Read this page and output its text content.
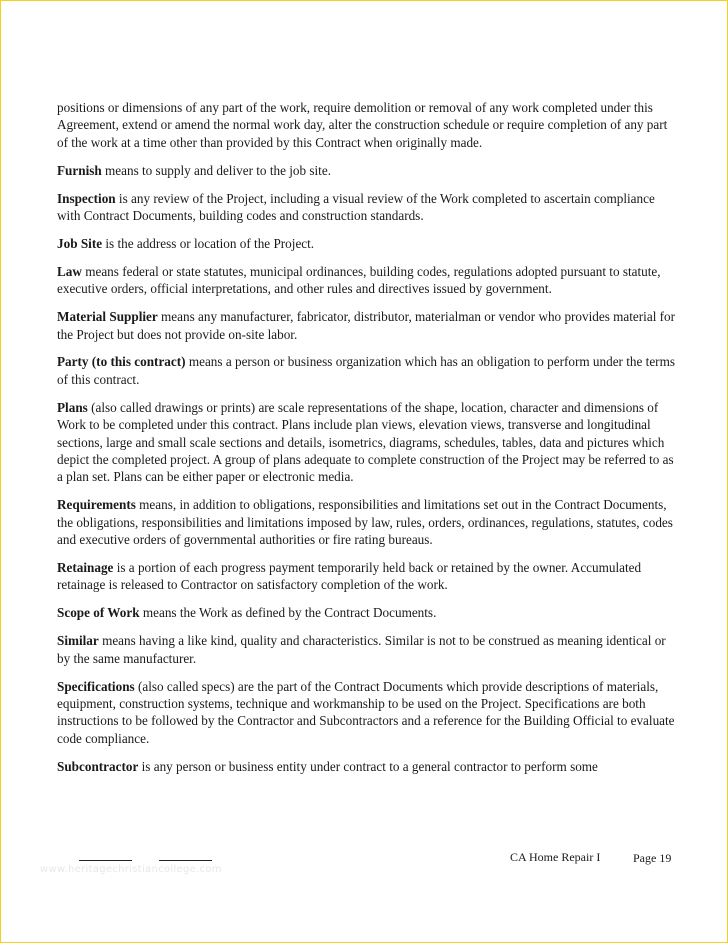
positions or dimensions of any part of the work, require demolition or removal of any work completed under this Agreement, extend or amend the normal work day, alter the construction schedule or require completion of any part of the work at a time other than provided by this Contract when originally made.

Furnish means to supply and deliver to the job site.

Inspection is any review of the Project, including a visual review of the Work completed to ascertain compliance with Contract Documents, building codes and construction standards.

Job Site is the address or location of the Project.

Law means federal or state statutes, municipal ordinances, building codes, regulations adopted pursuant to statute, executive orders, official interpretations, and other rules and directives issued by government.

Material Supplier means any manufacturer, fabricator, distributor, materialman or vendor who provides material for the Project but does not provide on-site labor.

Party (to this contract) means a person or business organization which has an obligation to perform under the terms of this contract.

Plans (also called drawings or prints) are scale representations of the shape, location, character and dimensions of Work to be completed under this contract. Plans include plan views, elevation views, transverse and longitudinal sections, large and small scale sections and details, isometrics, diagrams, schedules, tables, data and pictures which depict the completed project. A group of plans adequate to complete construction of the Project may be referred to as a plan set. Plans can be either paper or electronic media.

Requirements means, in addition to obligations, responsibilities and limitations set out in the Contract Documents, the obligations, responsibilities and limitations imposed by law, rules, orders, ordinances, regulations, statutes, codes and executive orders of governmental authorities or fire rating bureaus.

Retainage is a portion of each progress payment temporarily held back or retained by the owner. Accumulated retainage is released to Contractor on satisfactory completion of the work.

Scope of Work means the Work as defined by the Contract Documents.

Similar means having a like kind, quality and characteristics. Similar is not to be construed as meaning identical or by the same manufacturer.

Specifications (also called specs) are the part of the Contract Documents which provide descriptions of materials, equipment, construction systems, technique and workmanship to be used on the Project. Specifications are both instructions to be followed by the Contractor and Subcontractors and a reference for the Building Official to evaluate code compliance.

Subcontractor is any person or business entity under contract to a general contractor to perform some

CA Home Repair I	Page 19
www.heritagechristiancollege.com
